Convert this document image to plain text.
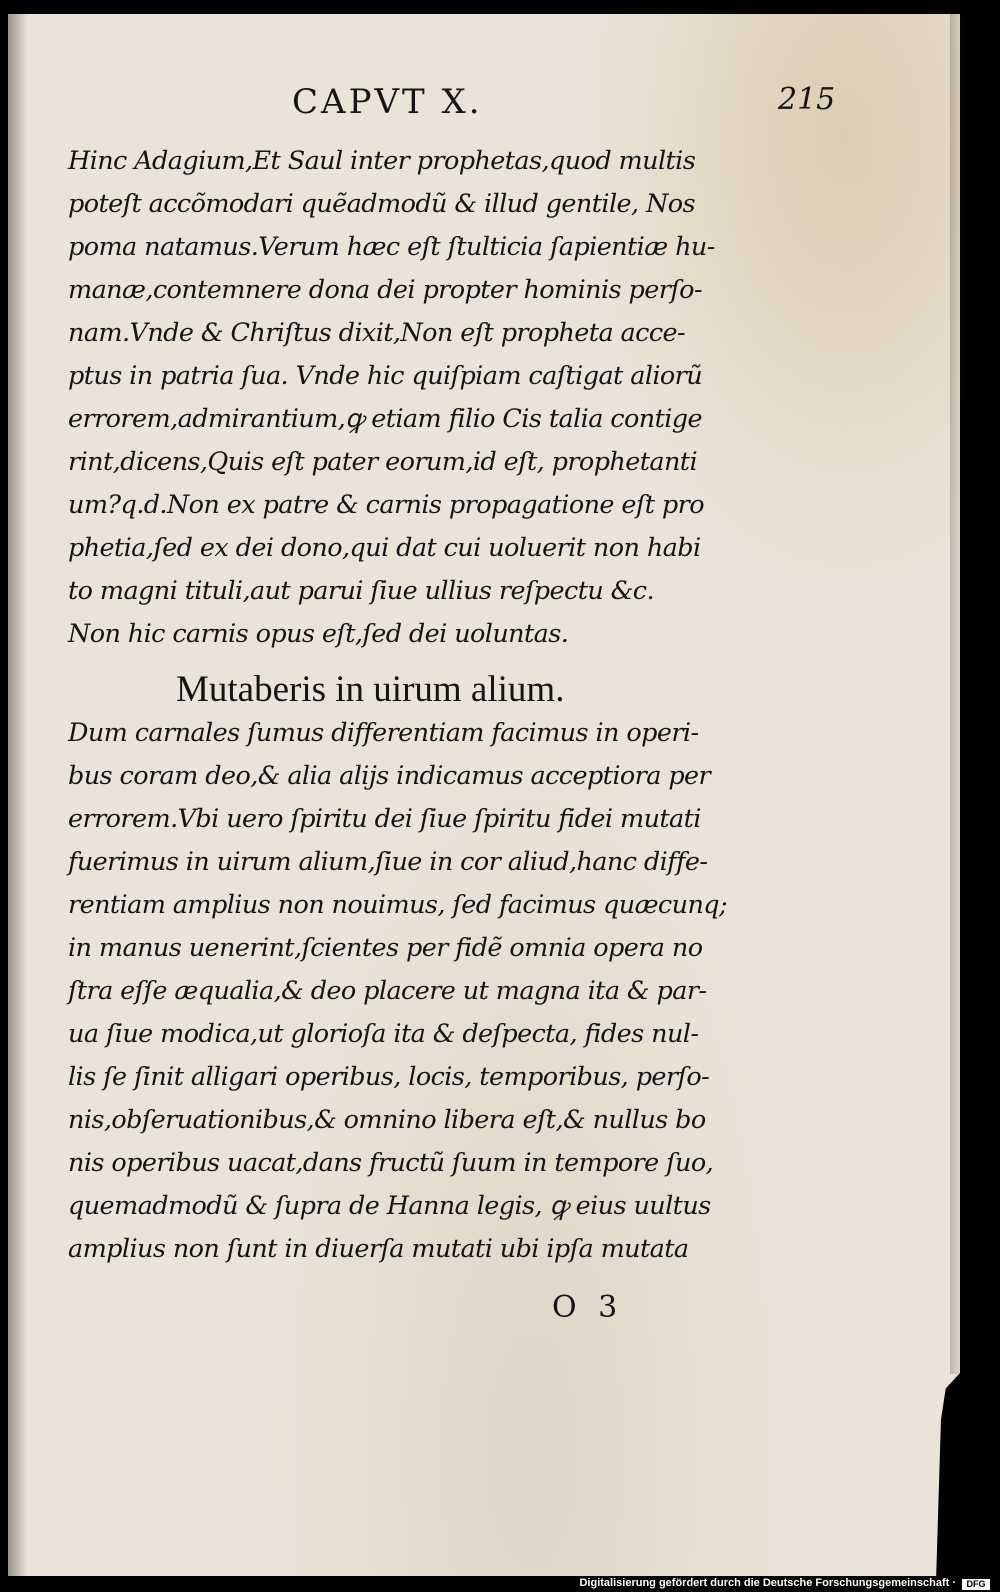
CAPVT X.	215
Hinc Adagium,Et Saul inter prophetas,quod multis
poteſt accõmodari quẽadmodũ & illud gentile, Nos
poma natamus.Verum hæc eſt ſtulticia ſapientiæ hu-
manæ,contemnere dona dei propter hominis perſo-
nam.Vnde & Chriſtus dixit,Non eſt propheta acce-
ptus in patria ſua. Vnde hic quiſpiam caſtigat aliorũ
errorem,admirantium,ꝙ etiam filio Cis talia contige
rint,dicens,Quis eſt pater eorum,id eſt, prophetanti
um?q.d.Non ex patre & carnis propagatione eſt pro
phetia,ſed ex dei dono,qui dat cui uoluerit non habi
to magni tituli,aut parui ſiue ullius reſpectu &c.
Non hic carnis opus eſt,ſed dei uoluntas.
Mutaberis in uirum alium.
Dum carnales ſumus differentiam facimus in operi-
bus coram deo,& alia alijs indicamus acceptiora per
errorem.Vbi uero ſpiritu dei ſiue ſpiritu fidei mutati
fuerimus in uirum alium,ſiue in cor aliud,hanc diffe-
rentiam amplius non nouimus, ſed facimus quæcunq;
in manus uenerint,ſcientes per fidẽ omnia opera no
ſtra eſſe æqualia,& deo placere ut magna ita & par-
ua ſiue modica,ut glorioſa ita & deſpecta, fides nul-
lis ſe ſinit alligari operibus, locis, temporibus, perſo-
nis,obſeruationibus,& omnino libera eſt,& nullus bo
nis operibus uacat,dans fructũ ſuum in tempore ſuo,
quemadmodũ & ſupra de Hanna legis, ꝙ eius uultus
amplius non ſunt in diuerſa mutati ubi ipſa mutata
O 3
Digitalisierung gefördert durch die Deutsche Forschungsgemeinschaft ·	DFG
